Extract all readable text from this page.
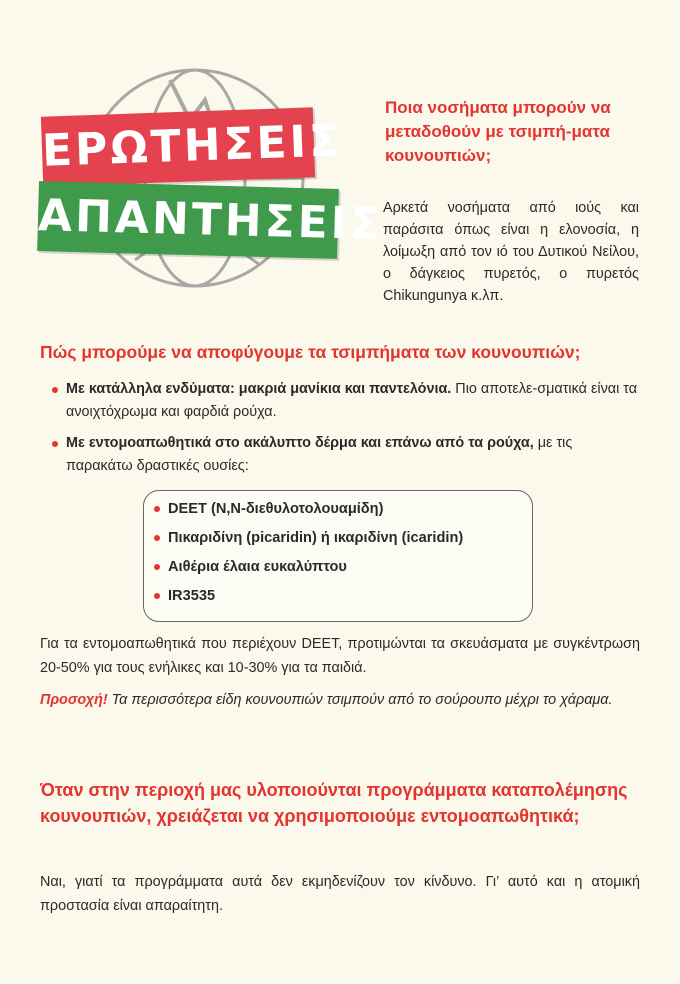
ΕΡΩΤΗΣΕΙΣ
ΑΠΑΝΤΗΣΕΙΣ
Ποια νοσήματα μπορούν να μεταδοθούν με τσιμπή-ματα κουνουπιών;
Αρκετά νοσήματα από ιούς και παράσιτα όπως είναι η ελονοσία, η λοίμωξη από τον ιό του Δυτικού Νείλου, ο δάγκειος πυρετός, ο πυρετός Chikungunya κ.λπ.
Πώς μπορούμε να αποφύγουμε τα τσιμπήματα των κουνουπιών;
Με κατάλληλα ενδύματα: μακριά μανίκια και παντελόνια. Πιο αποτελε-σματικά είναι τα ανοιχτόχρωμα και φαρδιά ρούχα.
Με εντομοαπωθητικά στο ακάλυπτο δέρμα και επάνω από τα ρούχα, με τις παρακάτω δραστικές ουσίες:
DEET (N,N-διεθυλοτολουαμίδη)
Πικαριδίνη (picaridin) ή ικαριδίνη (icaridin)
Αιθέρια έλαια ευκαλύπτου
IR3535
Για τα εντομοαπωθητικά που περιέχουν DEET, προτιμώνται τα σκευάσματα με συγκέντρωση 20-50% για τους ενήλικες και 10-30% για τα παιδιά.
Προσοχή! Τα περισσότερα είδη κουνουπιών τσιμπούν από το σούρουπο μέχρι το χάραμα.
Όταν στην περιοχή μας υλοποιούνται προγράμματα καταπολέμησης κουνουπιών, χρειάζεται να χρησιμοποιούμε εντομοαπωθητικά;
Ναι, γιατί τα προγράμματα αυτά δεν εκμηδενίζουν τον κίνδυνο. Γι’ αυτό και η ατομική προστασία είναι απαραίτητη.
